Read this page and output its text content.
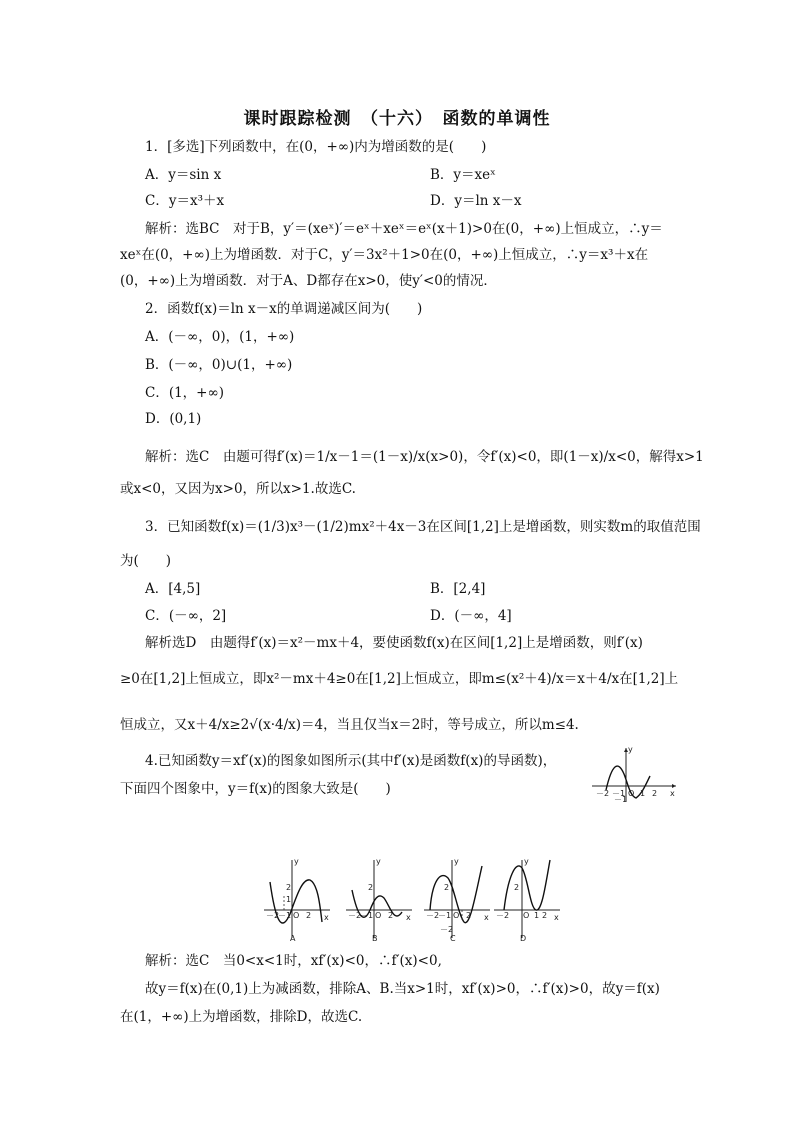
课时跟踪检测　（十六）　函数的单调性
1．[多选]下列函数中，在(0，+∞)内为增函数的是(　　)
A．y＝sin x	B．y＝xeˣ
C．y＝x³＋x	D．y＝ln x－x
解析：选BC　对于B，y′＝(xeˣ)′＝eˣ＋xeˣ＝eˣ(x＋1)>0在(0，+∞)上恒成立，∴y＝
xeˣ在(0，+∞)上为增函数．对于C，y′＝3x²＋1>0在(0，+∞)上恒成立，∴y＝x³＋x在
(0，+∞)上为增函数．对于A、D都存在x>0，使y′<0的情况．
2．函数f(x)＝ln x－x的单调递减区间为(　　)
A．(－∞，0)，(1，+∞)
B．(－∞，0)∪(1，+∞)
C．(1，+∞)
D．(0,1)
解析：选C　由题可得f′(x)＝1/x－1＝(1－x)/x(x>0)，令f′(x)<0，即(1－x)/x<0，解得x>1
或x<0，又因为x>0，所以x>1.故选C.
3．已知函数f(x)＝(1/3)x³－(1/2)mx²＋4x－3在区间[1,2]上是增函数，则实数m的取值范围
为(　　)
A．[4,5]	B．[2,4]
C．(－∞，2]	D．(－∞，4]
解析选D　由题得f′(x)＝x²－mx＋4，要使函数f(x)在区间[1,2]上是增函数，则f′(x)
≥0在[1,2]上恒成立，即x²－mx＋4≥0在[1,2]上恒成立，即m≤(x²＋4)/x＝x＋4/x在[1,2]上
恒成立，又x＋4/x≥2√(x·4/x)＝4，当且仅当x＝2时，等号成立，所以m≤4.
4.已知函数y＝xf′(x)的图象如图所示(其中f′(x)是函数f(x)的导函数)，
下面四个图象中，y＝f(x)的图象大致是(　　)
y
x
O
－2 －1 1 2
－1
y
x
－2
－1 O 2
2
1
A
y
x
－2
－1 O 2
2
B
y
x
－2
－1 O 2
2
－2
C
y
x
－2 O 1 2
2
D
解析：选C　当0<x<1时，xf′(x)<0，∴f′(x)<0,
故y＝f(x)在(0,1)上为减函数，排除A、B.当x>1时，xf′(x)>0，∴f′(x)>0，故y＝f(x)
在(1，+∞)上为增函数，排除D，故选C.
